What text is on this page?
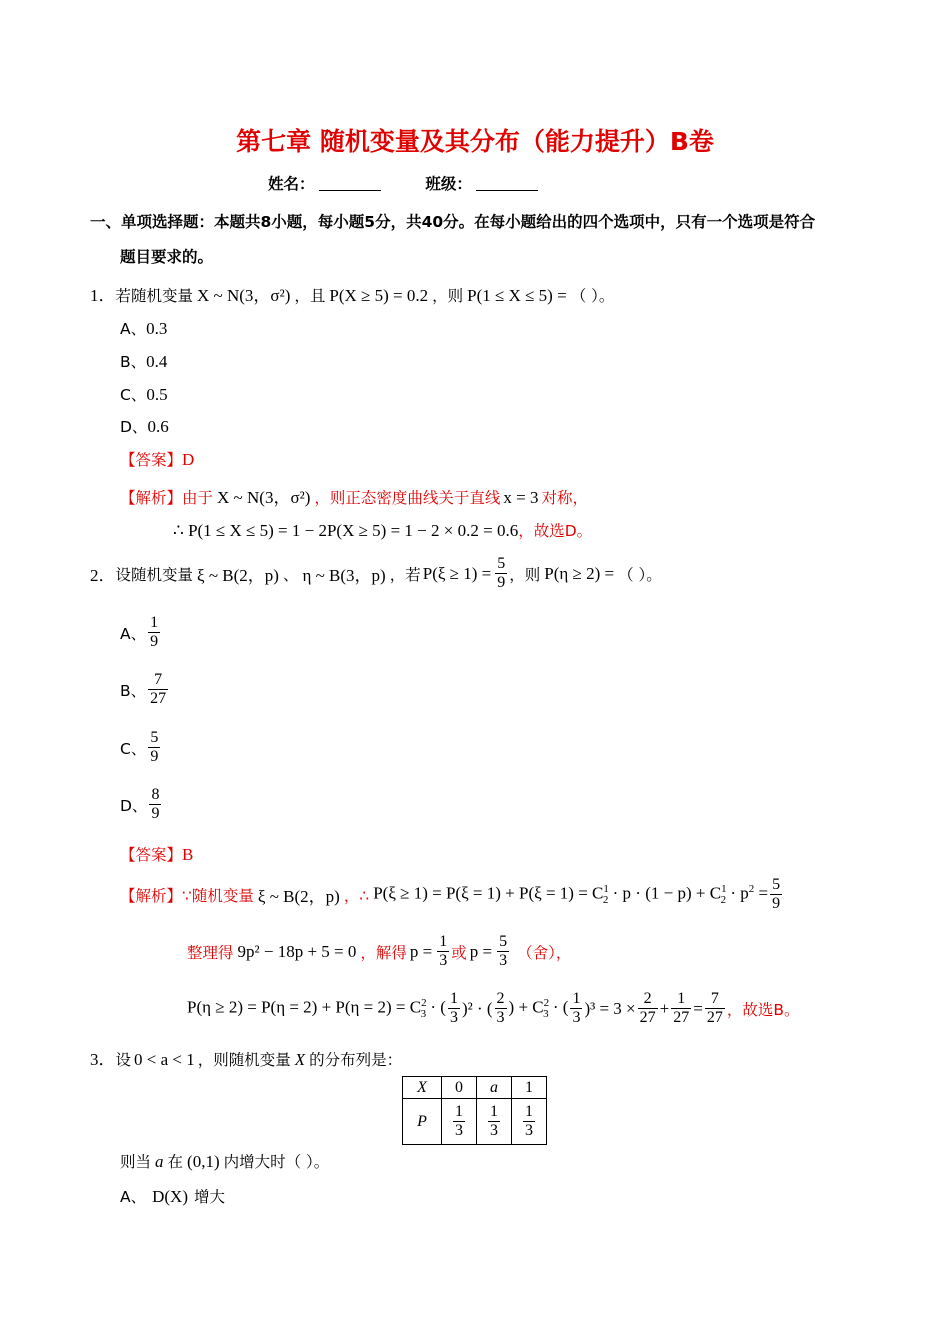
第七章 随机变量及其分布（能力提升）B卷
姓名：	班级：
一、单项选择题：本题共8小题，每小题5分，共40分。在每小题给出的四个选项中，只有一个选项是符合
题目要求的。
1．若随机变量 X ~ N(3，σ²) ，且 P(X ≥ 5) = 0.2 ，则 P(1 ≤ X ≤ 5) = （ ）。
A、0.3
B、0.4
C、0.5
D、0.6
【答案】D
【解析】由于 X ~ N(3，σ²) ，则正态密度曲线关于直线 x = 3 对称，
∴ P(1 ≤ X ≤ 5) = 1 − 2P(X ≥ 5) = 1 − 2 × 0.2 = 0.6，故选D。
2． 设随机变量 ξ ~ B(2，p) 、 η ~ B(3，p) ，若 $P(\xi \ge 1) = \frac{5}{9}$ ，则 P(η ≥ 2) = （ ）。
A、 $\frac{1}{9}$
B、 $\frac{7}{27}$
C、 $\frac{5}{9}$
D、 $\frac{8}{9}$
【答案】B
【解析】 ∵随机变量 ξ ~ B(2，p) ，∴ $P(\xi \ge 1) = P(\xi = 1) + P(\xi = 1) = C^1_2 \cdot p \cdot (1 - p) + C^1_2 \cdot p^2 = \frac{5}{9}$
整理得 9p² − 18p + 5 = 0 ，解得 $p = \frac{1}{3}$ 或 $p = \frac{5}{3}$ （舍），
$P(\eta \ge 2) = P(\eta = 2) + P(\eta = 2) = C^2_3$ · ( $\frac{1}{3} )^2$ · ( $\frac{2}{3}$ ) + $C^2_3$ · ( $\frac{1}{3} )^3 = 3 \times \frac{2}{27} + \frac{1}{27} = \frac{7}{27}$ ，故选B。
3．设 0 < a < 1 ，则随机变量 X 的分布列是：
X	0	a	1
P	$\frac{1}{3}$	$\frac{1}{3}$	$\frac{1}{3}$
则当 a 在 (0,1) 内增大时（ ）。
A、 D(X) 增大
